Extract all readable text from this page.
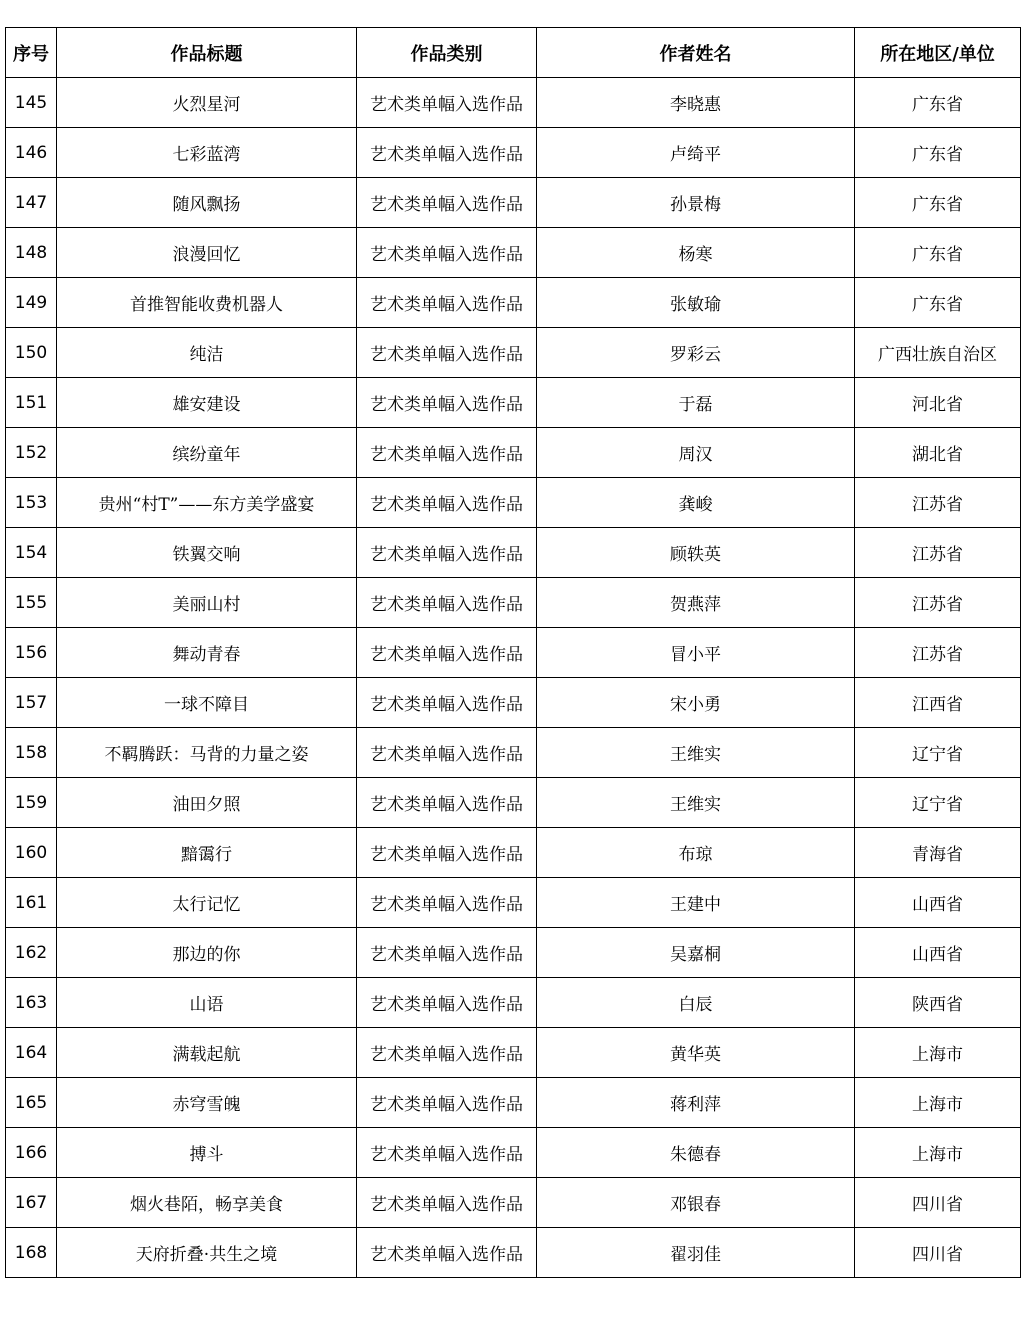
序号	作品标题	作品类别	作者姓名	所在地区/单位
145	火烈星河	艺术类单幅入选作品	李晓惠	广东省
146	七彩蓝湾	艺术类单幅入选作品	卢绮平	广东省
147	随风飘扬	艺术类单幅入选作品	孙景梅	广东省
148	浪漫回忆	艺术类单幅入选作品	杨寒	广东省
149	首推智能收费机器人	艺术类单幅入选作品	张敏瑜	广东省
150	纯洁	艺术类单幅入选作品	罗彩云	广西壮族自治区
151	雄安建设	艺术类单幅入选作品	于磊	河北省
152	缤纷童年	艺术类单幅入选作品	周汉	湖北省
153	贵州“村T”——东方美学盛宴	艺术类单幅入选作品	龚峻	江苏省
154	铁翼交响	艺术类单幅入选作品	顾轶英	江苏省
155	美丽山村	艺术类单幅入选作品	贺燕萍	江苏省
156	舞动青春	艺术类单幅入选作品	冒小平	江苏省
157	一球不障目	艺术类单幅入选作品	宋小勇	江西省
158	不羁腾跃：马背的力量之姿	艺术类单幅入选作品	王维实	辽宁省
159	油田夕照	艺术类单幅入选作品	王维实	辽宁省
160	黯霭行	艺术类单幅入选作品	布琼	青海省
161	太行记忆	艺术类单幅入选作品	王建中	山西省
162	那边的你	艺术类单幅入选作品	吴嘉桐	山西省
163	山语	艺术类单幅入选作品	白辰	陕西省
164	满载起航	艺术类单幅入选作品	黄华英	上海市
165	赤穹雪魄	艺术类单幅入选作品	蒋利萍	上海市
166	搏斗	艺术类单幅入选作品	朱德春	上海市
167	烟火巷陌，畅享美食	艺术类单幅入选作品	邓银春	四川省
168	天府折叠·共生之境	艺术类单幅入选作品	翟羽佳	四川省
